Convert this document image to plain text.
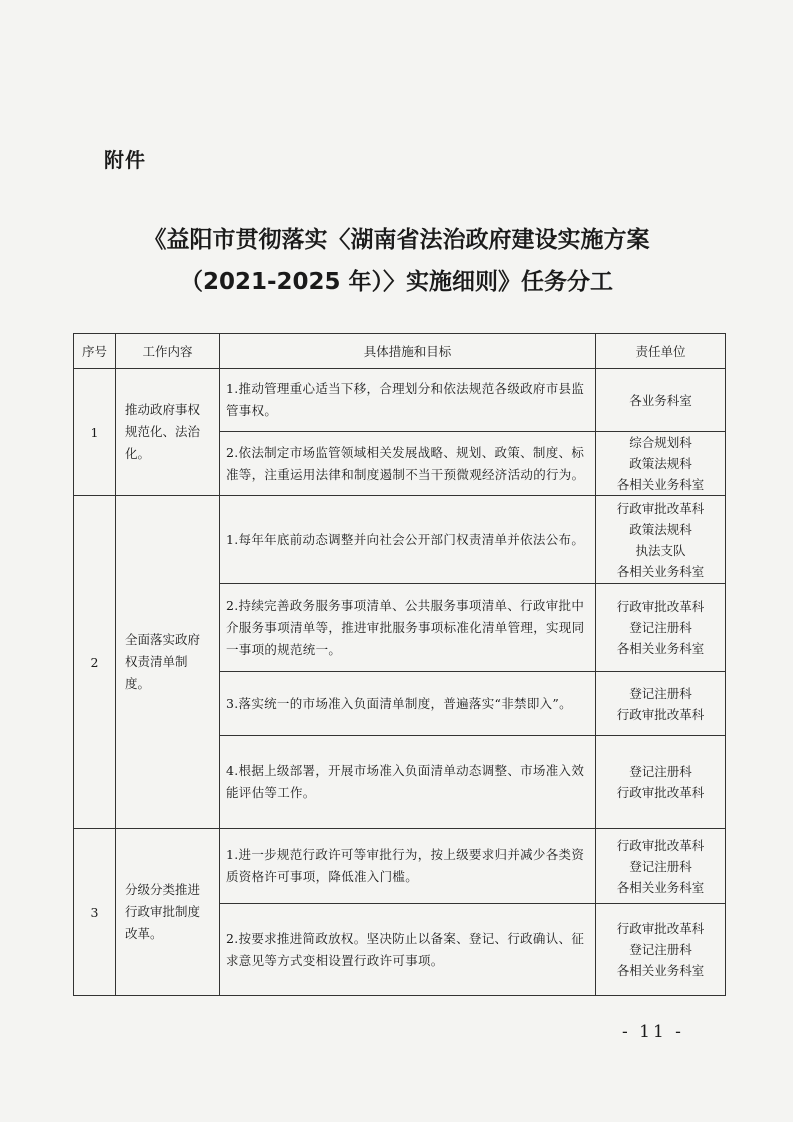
附件
《益阳市贯彻落实〈湖南省法治政府建设实施方案
（2021-2025 年）〉实施细则》任务分工
序号	工作内容	具体措施和目标	责任单位
1	推动政府事权规范化、法治化。	1.推动管理重心适当下移，合理划分和依法规范各级政府市县监管事权。	各业务科室

		2.依法制定市场监管领域相关发展战略、规划、政策、制度、标准等，注重运用法律和制度遏制不当干预微观经济活动的行为。	综合规划科
政策法规科
各相关业务科室

2	全面落实政府权责清单制度。	1.每年年底前动态调整并向社会公开部门权责清单并依法公布。	行政审批改革科
政策法规科
执法支队
各相关业务科室

		2.持续完善政务服务事项清单、公共服务事项清单、行政审批中介服务事项清单等，推进审批服务事项标准化清单管理，实现同一事项的规范统一。	行政审批改革科
登记注册科
各相关业务科室

		3.落实统一的市场准入负面清单制度，普遍落实“非禁即入”。	登记注册科
行政审批改革科

		4.根据上级部署，开展市场准入负面清单动态调整、市场准入效能评估等工作。	登记注册科
行政审批改革科

3	分级分类推进行政审批制度改革。	1.进一步规范行政许可等审批行为，按上级要求归并减少各类资质资格许可事项，降低准入门槛。	行政审批改革科
登记注册科
各相关业务科室

		2.按要求推进简政放权。坚决防止以备案、登记、行政确认、征求意见等方式变相设置行政许可事项。	行政审批改革科
登记注册科
各相关业务科室
- 11 -
